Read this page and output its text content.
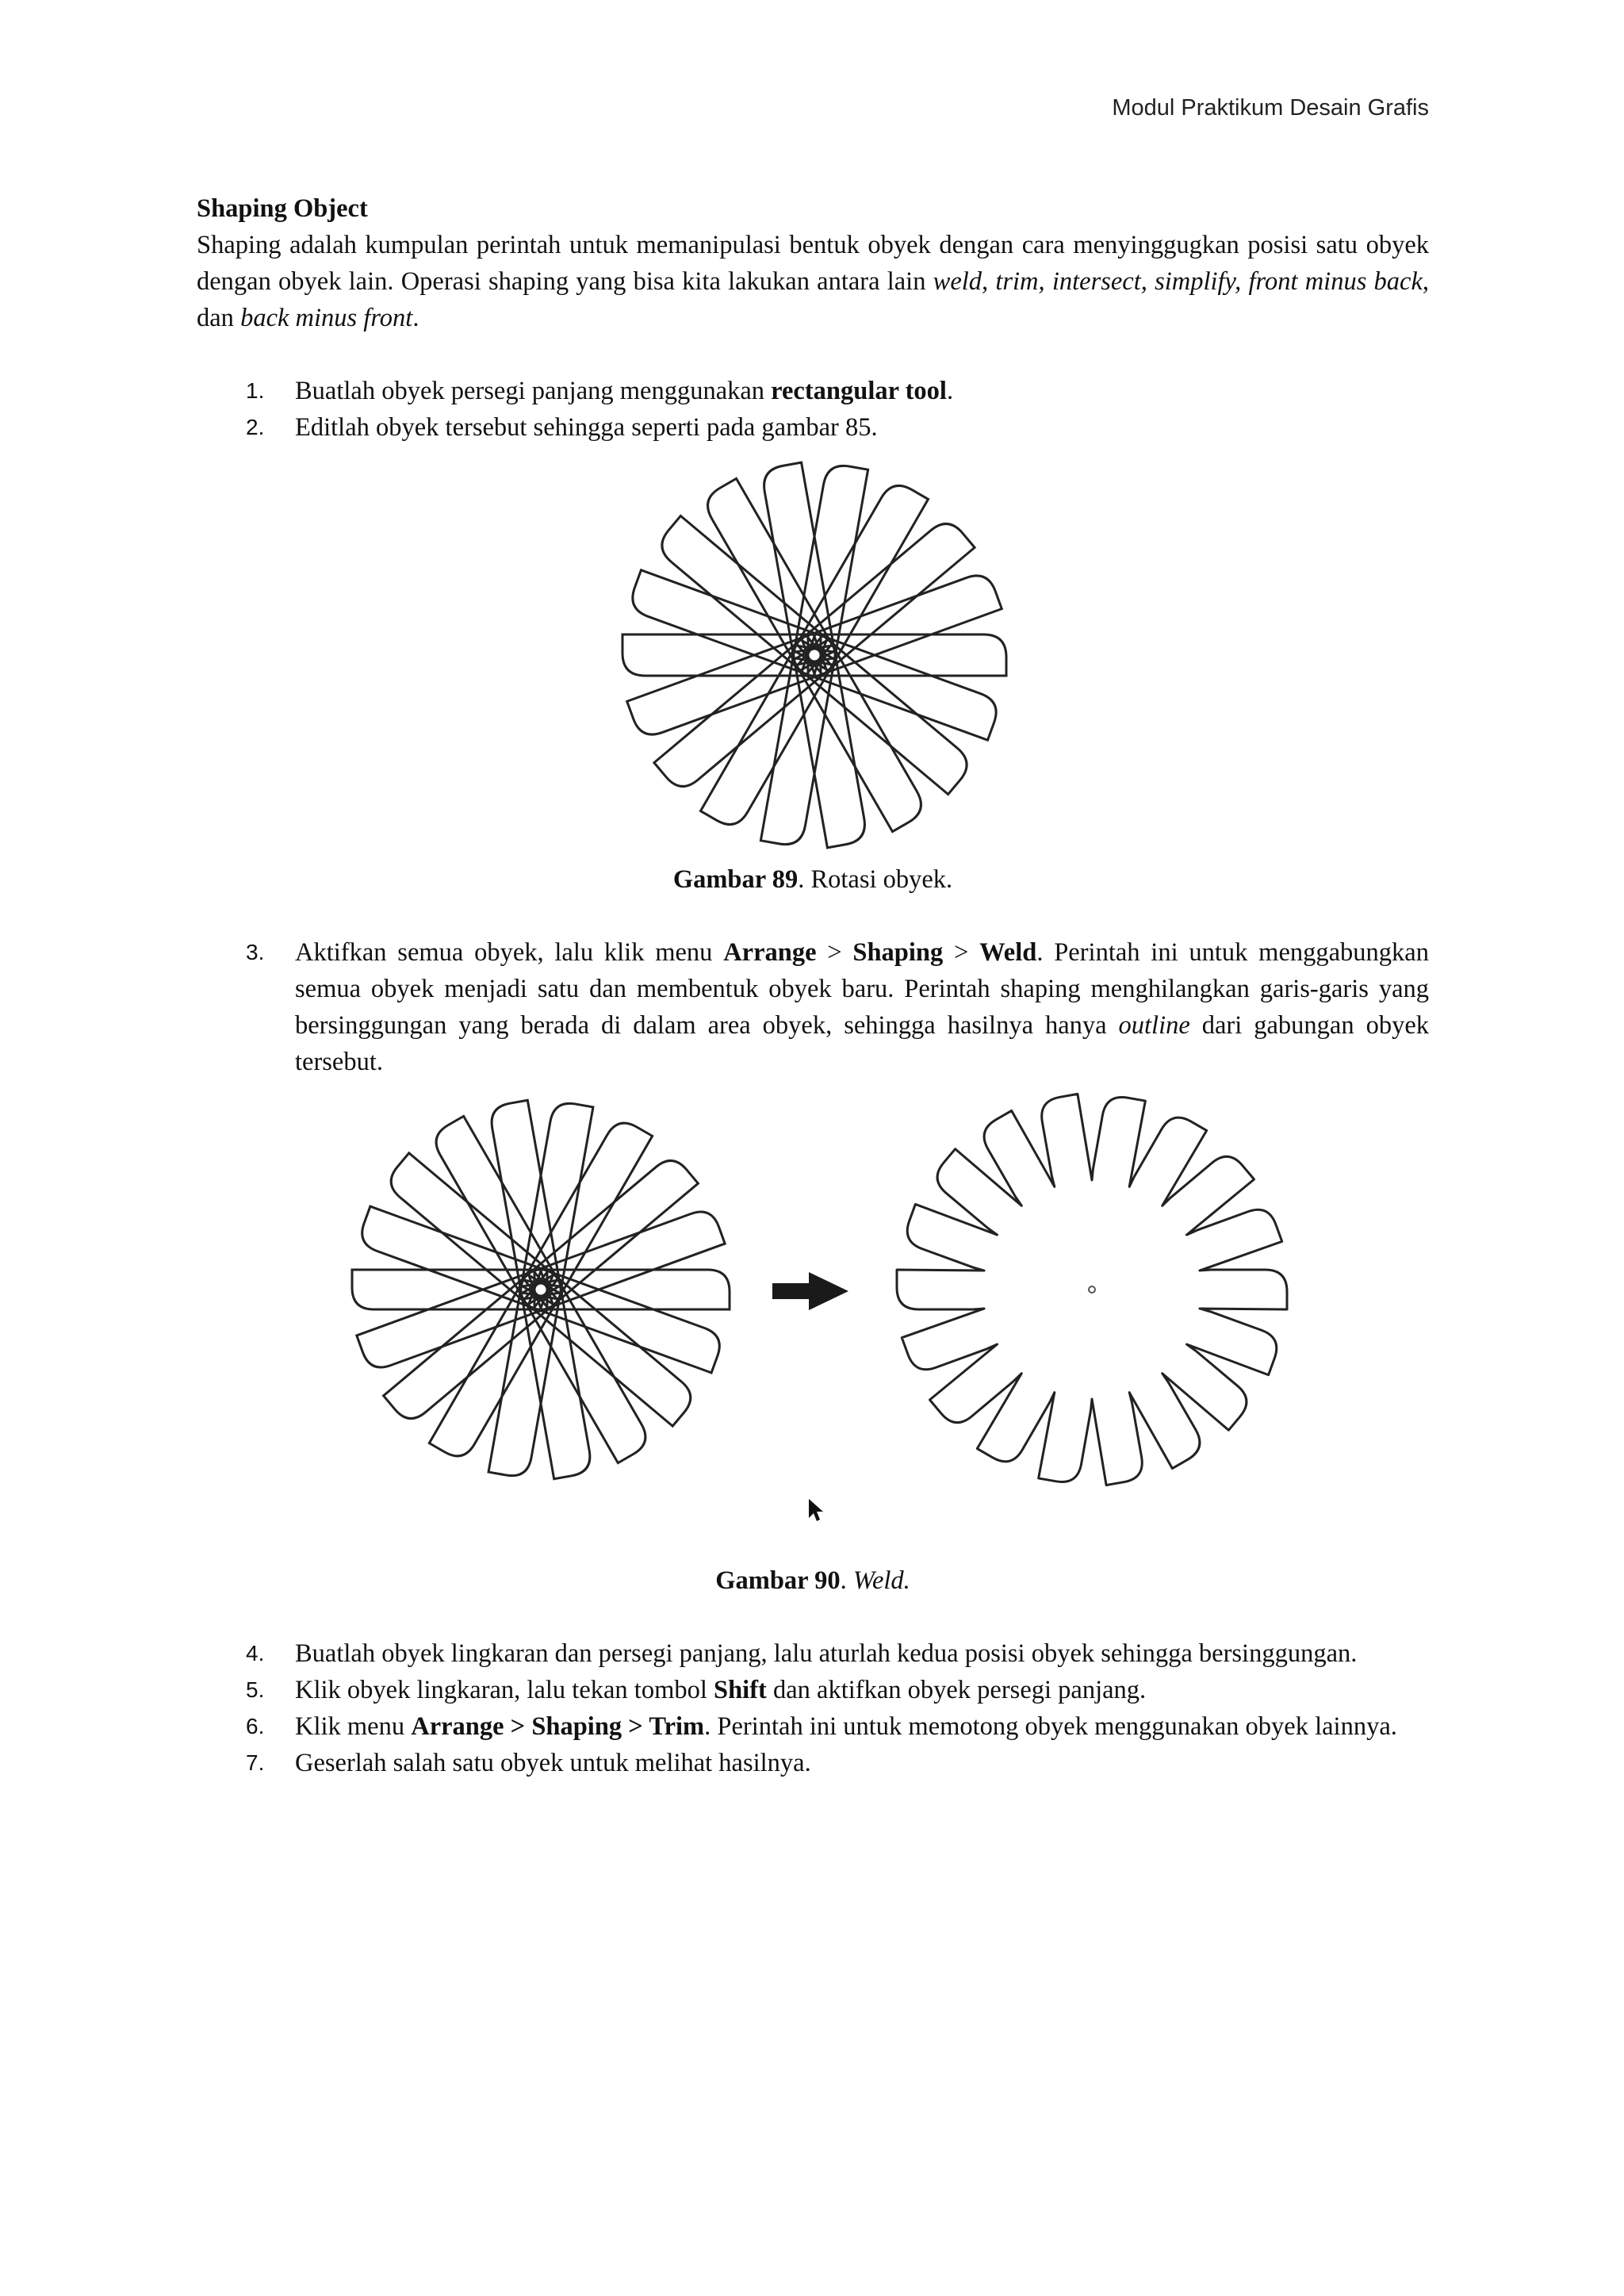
Modul Praktikum Desain Grafis
Shaping Object
Shaping adalah kumpulan perintah untuk memanipulasi bentuk obyek dengan cara menyinggugkan posisi satu obyek dengan obyek lain. Operasi shaping yang bisa kita lakukan antara lain weld, trim, intersect, simplify, front minus back, dan back minus front.
1. Buatlah obyek persegi panjang menggunakan rectangular tool.
2. Editlah obyek tersebut sehingga seperti pada gambar 85.
Gambar 89. Rotasi obyek.
3. Aktifkan semua obyek, lalu klik menu Arrange > Shaping > Weld. Perintah ini untuk menggabungkan semua obyek menjadi satu dan membentuk obyek baru. Perintah shaping menghilangkan garis-garis yang bersinggungan yang berada di dalam area obyek, sehingga hasilnya hanya outline dari gabungan obyek tersebut.
Gambar 90. Weld.
4. Buatlah obyek lingkaran dan persegi panjang, lalu aturlah kedua posisi obyek sehingga bersinggungan.
5. Klik obyek lingkaran, lalu tekan tombol Shift dan aktifkan obyek persegi panjang.
6. Klik menu Arrange > Shaping > Trim. Perintah ini untuk memotong obyek menggunakan obyek lainnya.
7. Geserlah salah satu obyek untuk melihat hasilnya.
